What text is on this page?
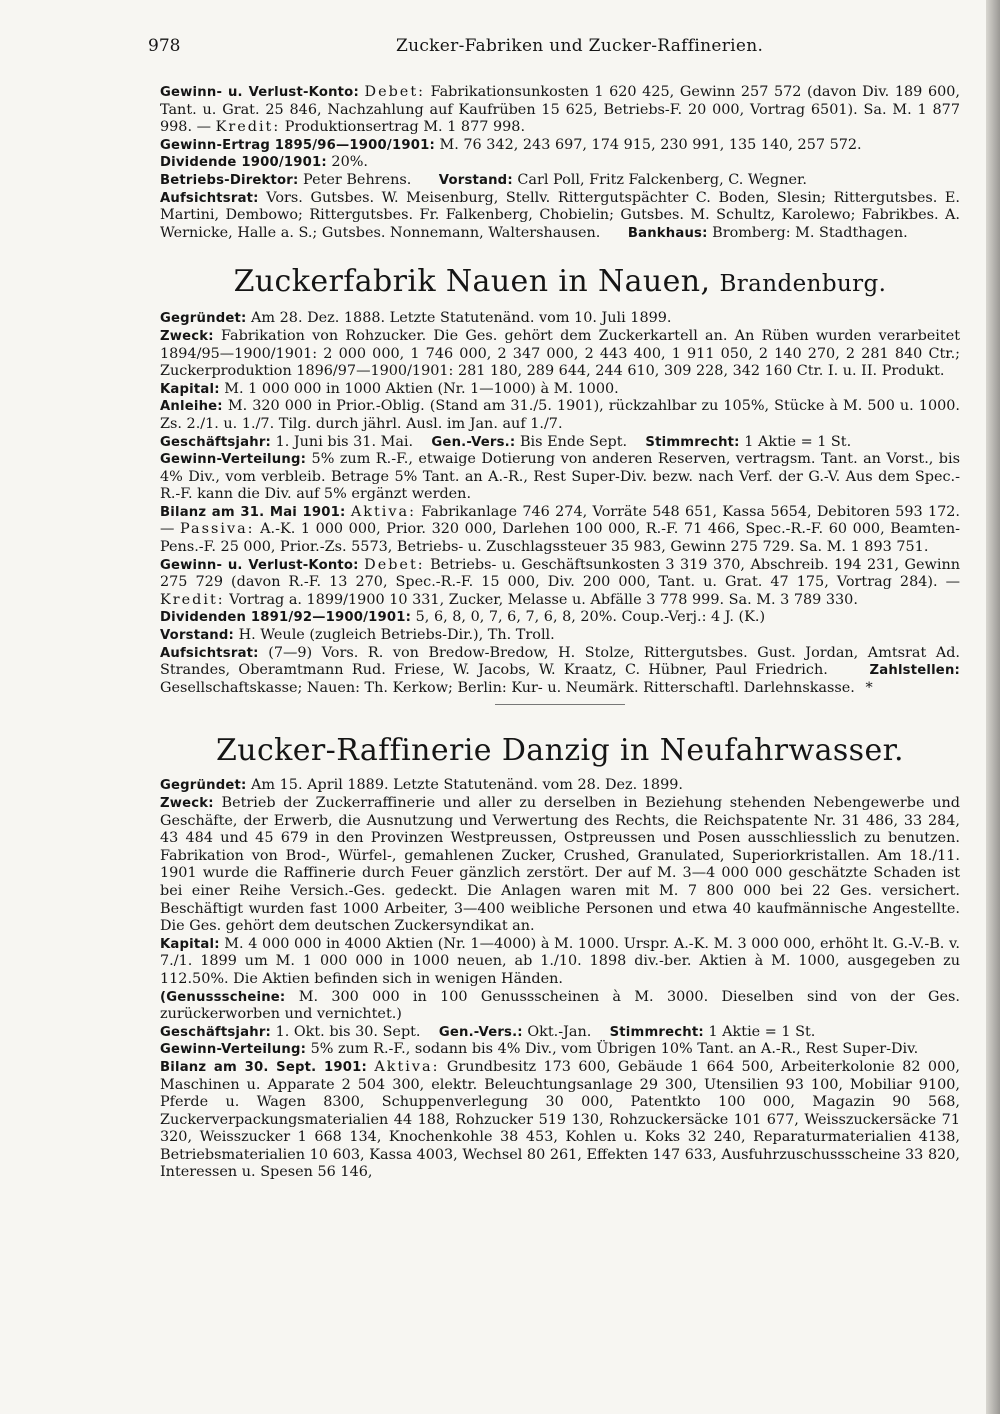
978	Zucker-Fabriken und Zucker-Raffinerien.

Gewinn- u. Verlust-Konto: Debet: Fabrikationsunkosten 1 620 425, Gewinn 257 572 (davon Div. 189 600, Tant. u. Grat. 25 846, Nachzahlung auf Kaufrüben 15 625, Betriebs-F. 20 000, Vortrag 6501). Sa. M. 1 877 998. — Kredit: Produktionsertrag M. 1 877 998.

Gewinn-Ertrag 1895/96—1900/1901: M. 76 342, 243 697, 174 915, 230 991, 135 140, 257 572.

Dividende 1900/1901: 20%.

Betriebs-Direktor: Peter Behrens. Vorstand: Carl Poll, Fritz Falckenberg, C. Wegner.

Aufsichtsrat: Vors. Gutsbes. W. Meisenburg, Stellv. Rittergutspächter C. Boden, Slesin; Rittergutsbes. E. Martini, Dembowo; Rittergutsbes. Fr. Falkenberg, Chobielin; Gutsbes. M. Schultz, Karolewo; Fabrikbes. A. Wernicke, Halle a. S.; Gutsbes. Nonnemann, Waltershausen. Bankhaus: Bromberg: M. Stadthagen.

Zuckerfabrik Nauen in Nauen, Brandenburg.

Gegründet: Am 28. Dez. 1888. Letzte Statutenänd. vom 10. Juli 1899.

Zweck: Fabrikation von Rohzucker. Die Ges. gehört dem Zuckerkartell an. An Rüben wurden verarbeitet 1894/95—1900/1901: 2 000 000, 1 746 000, 2 347 000, 2 443 400, 1 911 050, 2 140 270, 2 281 840 Ctr.; Zuckerproduktion 1896/97—1900/1901: 281 180, 289 644, 244 610, 309 228, 342 160 Ctr. I. u. II. Produkt.

Kapital: M. 1 000 000 in 1000 Aktien (Nr. 1—1000) à M. 1000.

Anleihe: M. 320 000 in Prior.-Oblig. (Stand am 31./5. 1901), rückzahlbar zu 105%, Stücke à M. 500 u. 1000. Zs. 2./1. u. 1./7. Tilg. durch jährl. Ausl. im Jan. auf 1./7.

Geschäftsjahr: 1. Juni bis 31. Mai. Gen.-Vers.: Bis Ende Sept. Stimmrecht: 1 Aktie = 1 St.

Gewinn-Verteilung: 5% zum R.-F., etwaige Dotierung von anderen Reserven, vertragsm. Tant. an Vorst., bis 4% Div., vom verbleib. Betrage 5% Tant. an A.-R., Rest Super-Div. bezw. nach Verf. der G.-V. Aus dem Spec.-R.-F. kann die Div. auf 5% ergänzt werden.

Bilanz am 31. Mai 1901: Aktiva: Fabrikanlage 746 274, Vorräte 548 651, Kassa 5654, Debitoren 593 172. — Passiva: A.-K. 1 000 000, Prior. 320 000, Darlehen 100 000, R.-F. 71 466, Spec.-R.-F. 60 000, Beamten-Pens.-F. 25 000, Prior.-Zs. 5573, Betriebs- u. Zuschlagssteuer 35 983, Gewinn 275 729. Sa. M. 1 893 751.

Gewinn- u. Verlust-Konto: Debet: Betriebs- u. Geschäftsunkosten 3 319 370, Abschreib. 194 231, Gewinn 275 729 (davon R.-F. 13 270, Spec.-R.-F. 15 000, Div. 200 000, Tant. u. Grat. 47 175, Vortrag 284). — Kredit: Vortrag a. 1899/1900 10 331, Zucker, Melasse u. Abfälle 3 778 999. Sa. M. 3 789 330.

Dividenden 1891/92—1900/1901: 5, 6, 8, 0, 7, 6, 7, 6, 8, 20%. Coup.-Verj.: 4 J. (K.)

Vorstand: H. Weule (zugleich Betriebs-Dir.), Th. Troll.

Aufsichtsrat: (7—9) Vors. R. von Bredow-Bredow, H. Stolze, Rittergutsbes. Gust. Jordan, Amtsrat Ad. Strandes, Oberamtmann Rud. Friese, W. Jacobs, W. Kraatz, C. Hübner, Paul Friedrich.	Zahlstellen: Gesellschaftskasse; Nauen: Th. Kerkow; Berlin: Kur- u. Neumärk. Ritterschaftl. Darlehnskasse. *

Zucker-Raffinerie Danzig in Neufahrwasser.

Gegründet: Am 15. April 1889. Letzte Statutenänd. vom 28. Dez. 1899.

Zweck: Betrieb der Zuckerraffinerie und aller zu derselben in Beziehung stehenden Nebengewerbe und Geschäfte, der Erwerb, die Ausnutzung und Verwertung des Rechts, die Reichspatente Nr. 31 486, 33 284, 43 484 und 45 679 in den Provinzen Westpreussen, Ostpreussen und Posen ausschliesslich zu benutzen. Fabrikation von Brod-, Würfel-, gemahlenen Zucker, Crushed, Granulated, Superiorkristallen. Am 18./11. 1901 wurde die Raffinerie durch Feuer gänzlich zerstört. Der auf M. 3—4 000 000 geschätzte Schaden ist bei einer Reihe Versich.-Ges. gedeckt. Die Anlagen waren mit M. 7 800 000 bei 22 Ges. versichert. Beschäftigt wurden fast 1000 Arbeiter, 3—400 weibliche Personen und etwa 40 kaufmännische Angestellte. Die Ges. gehört dem deutschen Zuckersyndikat an.

Kapital: M. 4 000 000 in 4000 Aktien (Nr. 1—4000) à M. 1000. Urspr. A.-K. M. 3 000 000, erhöht lt. G.-V.-B. v. 7./1. 1899 um M. 1 000 000 in 1000 neuen, ab 1./10. 1898 div.-ber. Aktien à M. 1000, ausgegeben zu 112.50%. Die Aktien befinden sich in wenigen Händen.

(Genussscheine: M. 300 000 in 100 Genussscheinen à M. 3000. Dieselben sind von der Ges. zurückerworben und vernichtet.)

Geschäftsjahr: 1. Okt. bis 30. Sept. Gen.-Vers.: Okt.-Jan. Stimmrecht: 1 Aktie = 1 St.

Gewinn-Verteilung: 5% zum R.-F., sodann bis 4% Div., vom Übrigen 10% Tant. an A.-R., Rest Super-Div.

Bilanz am 30. Sept. 1901: Aktiva: Grundbesitz 173 600, Gebäude 1 664 500, Arbeiterkolonie 82 000, Maschinen u. Apparate 2 504 300, elektr. Beleuchtungsanlage 29 300, Utensilien 93 100, Mobiliar 9100, Pferde u. Wagen 8300, Schuppenverlegung 30 000, Patentkto 100 000, Magazin 90 568, Zuckerverpackungsmaterialien 44 188, Rohzucker 519 130, Rohzuckersäcke 101 677, Weisszuckersäcke 71 320, Weisszucker 1 668 134, Knochenkohle 38 453, Kohlen u. Koks 32 240, Reparaturmaterialien 4138, Betriebsmaterialien 10 603, Kassa 4003, Wechsel 80 261, Effekten 147 633, Ausfuhrzuschussscheine 33 820, Interessen u. Spesen 56 146,
